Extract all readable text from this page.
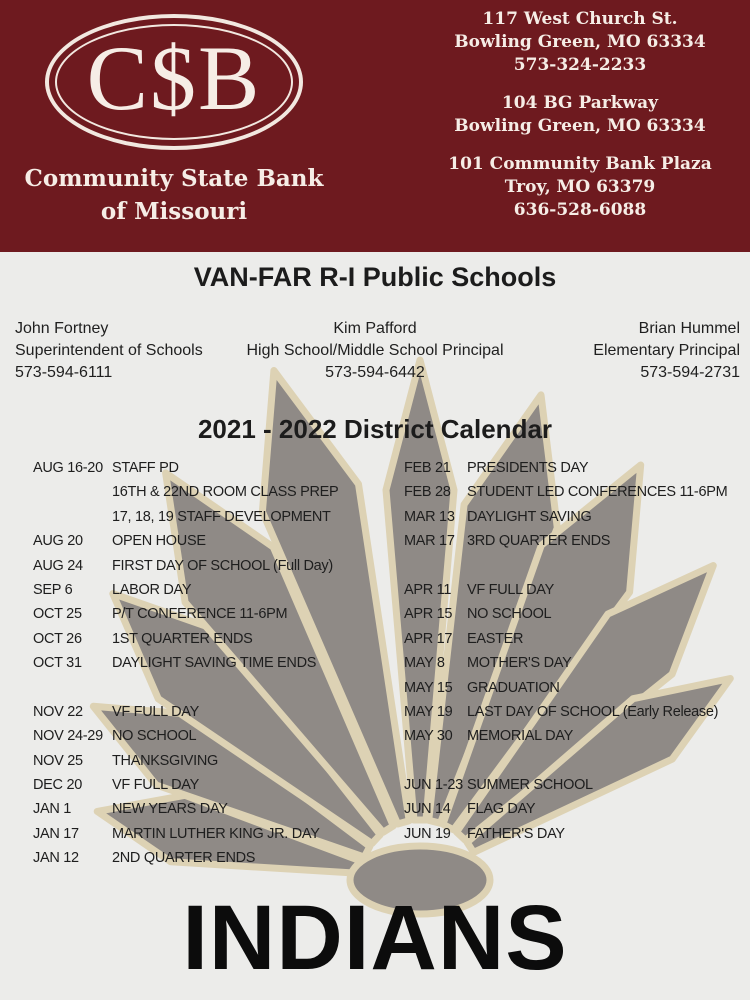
C$B
Community State Bank
of Missouri
117 West Church St.
Bowling Green, MO 63334
573-324-2233
104 BG Parkway
Bowling Green, MO 63334
101 Community Bank Plaza
Troy, MO 63379
636-528-6088
VAN-FAR R-I Public Schools
John Fortney
Superintendent of Schools
573-594-6111
Kim Pafford
High School/Middle School Principal
573-594-6442
Brian Hummel
Elementary Principal
573-594-2731
2021 - 2022 District Calendar
AUG 16-20 STAFF PD
16TH & 22ND ROOM CLASS PREP
17, 18, 19 STAFF DEVELOPMENT
AUG 20 OPEN HOUSE
AUG 24 FIRST DAY OF SCHOOL (Full Day)
SEP 6	LABOR DAY
OCT 25 P/T CONFERENCE 11-6PM
OCT 26 1ST QUARTER ENDS
OCT 31 DAYLIGHT SAVING TIME ENDS
NOV 22 VF FULL DAY
NOV 24-29 NO SCHOOL
NOV 25 THANKSGIVING
DEC 20 VF FULL DAY
JAN 1	NEW YEARS DAY
JAN 17 MARTIN LUTHER KING JR. DAY
JAN 12 2ND QUARTER ENDS
FEB 21 PRESIDENTS DAY
FEB 28 STUDENT LED CONFERENCES 11-6PM
MAR 13 DAYLIGHT SAVING
MAR 17 3RD QUARTER ENDS
APR 11 VF FULL DAY
APR 15 NO SCHOOL
APR 17 EASTER
MAY 8 MOTHER'S DAY
MAY 15 GRADUATION
MAY 19 LAST DAY OF SCHOOL (Early Release)
MAY 30 MEMORIAL DAY
JUN 1-23 SUMMER SCHOOL
JUN 14 FLAG DAY
JUN 19 FATHER'S DAY
INDIANS
